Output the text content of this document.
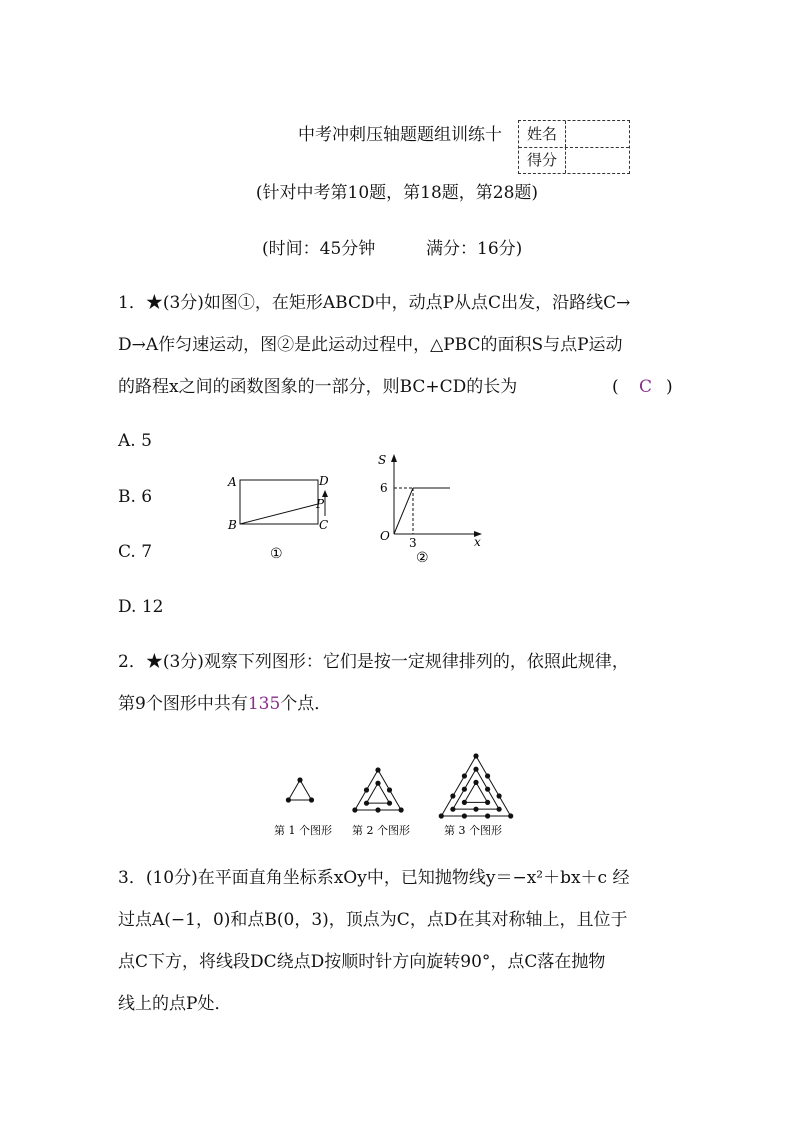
中考冲刺压轴题题组训练十	姓名
得分
(针对中考第10题，第18题，第28题)
(时间：45分钟	满分：16分)
1．★(3分)如图①，在矩形ABCD中，动点P从点C出发，沿路线C→
D→A作匀速运动，图②是此运动过程中，△PBC的面积S与点P运动
的路程x之间的函数图象的一部分，则BC+CD的长为	( C )
A. 5
B. 6
C. 7
D. 12
A
B	C
D
P
①
S
x
O
6
3
②
2．★(3分)观察下列图形：它们是按一定规律排列的，依照此规律，
第9个图形中共有135个点．
第 1 个图形 第 2 个图形	第 3 个图形
3．(10分)在平面直角坐标系xOy中，已知抛物线y＝−x²＋bx＋c 经
过点A(−1，0)和点B(0，3)，顶点为C，点D在其对称轴上，且位于
点C下方，将线段DC绕点D按顺时针方向旋转90°，点C落在抛物
线上的点P处．
